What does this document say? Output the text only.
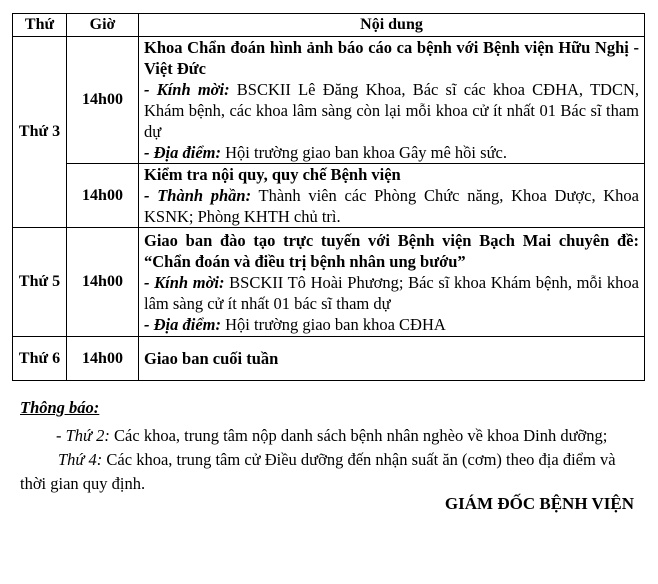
Thứ	Giờ	Nội dung
Thứ 3	14h00	Khoa Chẩn đoán hình ảnh báo cáo ca bệnh với Bệnh viện Hữu Nghị - Việt Đức
- Kính mời: BSCKII Lê Đăng Khoa, Bác sĩ các khoa CĐHA, TDCN, Khám bệnh, các khoa lâm sàng còn lại mỗi khoa cử ít nhất 01 Bác sĩ tham dự
- Địa điểm: Hội trường giao ban khoa Gây mê hồi sức.

	14h00	Kiểm tra nội quy, quy chế Bệnh viện
- Thành phần: Thành viên các Phòng Chức năng, Khoa Dược, Khoa KSNK; Phòng KHTH chủ trì.

Thứ 5	14h00	Giao ban đào tạo trực tuyến với Bệnh viện Bạch Mai chuyên đề: “Chẩn đoán và điều trị bệnh nhân ung bướu”
- Kính mời: BSCKII Tô Hoài Phương; Bác sĩ khoa Khám bệnh, mỗi khoa lâm sàng cử ít nhất 01 bác sĩ tham dự
- Địa điểm: Hội trường giao ban khoa CĐHA

Thứ 6	14h00	Giao ban cuối tuần
Thông báo:
- Thứ 2: Các khoa, trung tâm nộp danh sách bệnh nhân nghèo về khoa Dinh dưỡng;
Thứ 4: Các khoa, trung tâm cử Điều dưỡng đến nhận suất ăn (cơm) theo địa điểm và thời gian quy định.
GIÁM ĐỐC BỆNH VIỆN
